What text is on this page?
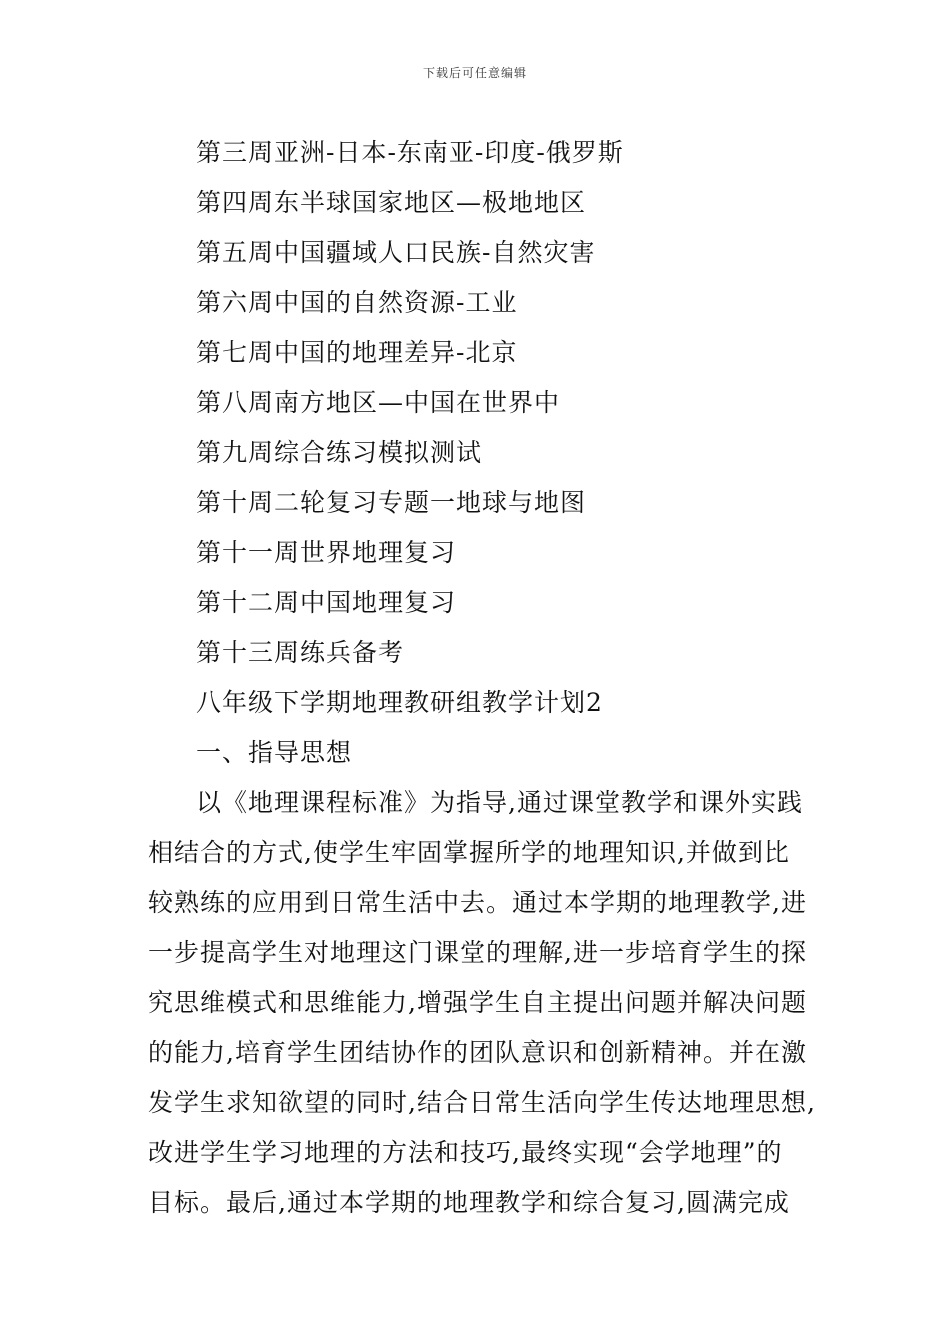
下载后可任意编辑
第三周亚洲-日本-东南亚-印度-俄罗斯
第四周东半球国家地区—极地地区
第五周中国疆域人口民族-自然灾害
第六周中国的自然资源-工业
第七周中国的地理差异-北京
第八周南方地区—中国在世界中
第九周综合练习模拟测试
第十周二轮复习专题一地球与地图
第十一周世界地理复习
第十二周中国地理复习
第十三周练兵备考
八年级下学期地理教研组教学计划2
一、指导思想
以《地理课程标准》为指导,通过课堂教学和课外实践
相结合的方式,使学生牢固掌握所学的地理知识,并做到比
较熟练的应用到日常生活中去。通过本学期的地理教学,进
一步提高学生对地理这门课堂的理解,进一步培育学生的探
究思维模式和思维能力,增强学生自主提出问题并解决问题
的能力,培育学生团结协作的团队意识和创新精神。并在激
发学生求知欲望的同时,结合日常生活向学生传达地理思想,
改进学生学习地理的方法和技巧,最终实现“会学地理”的
目标。最后,通过本学期的地理教学和综合复习,圆满完成
